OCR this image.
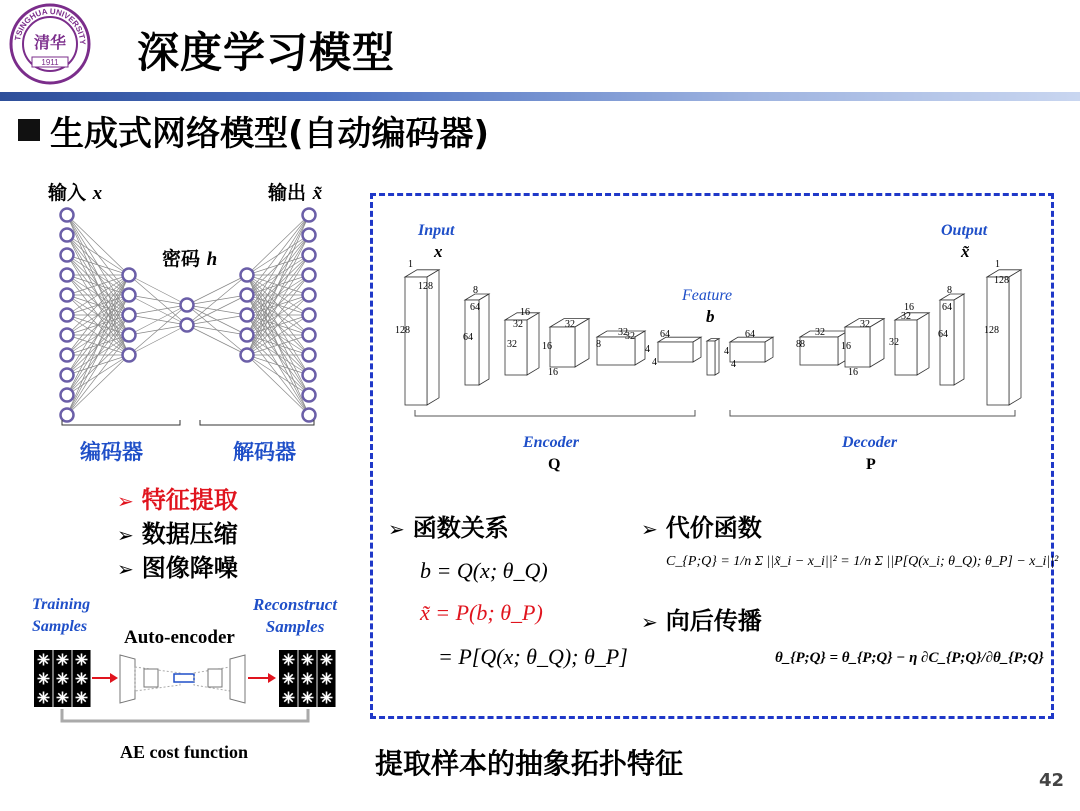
TSINGHUA UNIVERSITY
清华
1911 深度学习模型
生成式网络模型(自动编码器)
输入 x	输出 x̃
密码 h
编码器	解码器
➢ 特征提取
➢ 数据压缩
➢ 图像降噪
Training
Samples
Reconstruct
Samples
Auto-encoder
AE cost function
Input
x
Output
x̃
Feature
b
1
128
128
8
64
64
16
32
32
32
16
16
32
8
32	64
4
4
64
4
4
32
8 8
32
16
16
16
32
32
8
64
64
1
128
128
Encoder
Q
Decoder
P
➢ 函数关系
b = Q(x; θ_Q)
x̃ = P(b; θ_P)
= P[Q(x; θ_Q); θ_P]
➢ 代价函数
C_{P;Q} = 1/n Σ ||x̃_i − x_i||² = 1/n Σ ||P[Q(x_i; θ_Q); θ_P] − x_i||²
➢ 向后传播
θ_{P;Q} = θ_{P;Q} − η ∂C_{P;Q}/∂θ_{P;Q}
提取样本的抽象拓扑特征
42
